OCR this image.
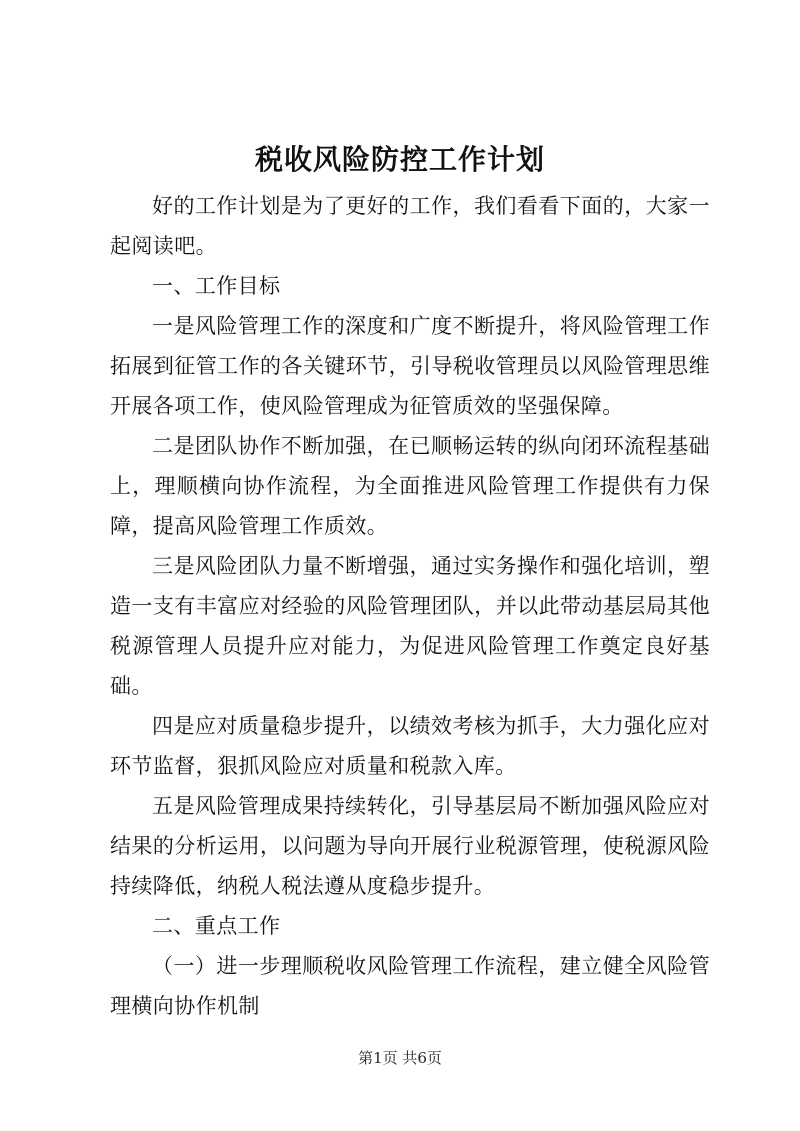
税收风险防控工作计划

好的工作计划是为了更好的工作，我们看看下面的，大家一起阅读吧。

一、工作目标

一是风险管理工作的深度和广度不断提升，将风险管理工作拓展到征管工作的各关键环节，引导税收管理员以风险管理思维开展各项工作，使风险管理成为征管质效的坚强保障。

二是团队协作不断加强，在已顺畅运转的纵向闭环流程基础上，理顺横向协作流程，为全面推进风险管理工作提供有力保障，提高风险管理工作质效。

三是风险团队力量不断增强，通过实务操作和强化培训，塑造一支有丰富应对经验的风险管理团队，并以此带动基层局其他税源管理人员提升应对能力，为促进风险管理工作奠定良好基础。

四是应对质量稳步提升，以绩效考核为抓手，大力强化应对环节监督，狠抓风险应对质量和税款入库。

五是风险管理成果持续转化，引导基层局不断加强风险应对结果的分析运用，以问题为导向开展行业税源管理，使税源风险持续降低，纳税人税法遵从度稳步提升。

二、重点工作

（一）进一步理顺税收风险管理工作流程，建立健全风险管理横向协作机制

第1页 共6页
